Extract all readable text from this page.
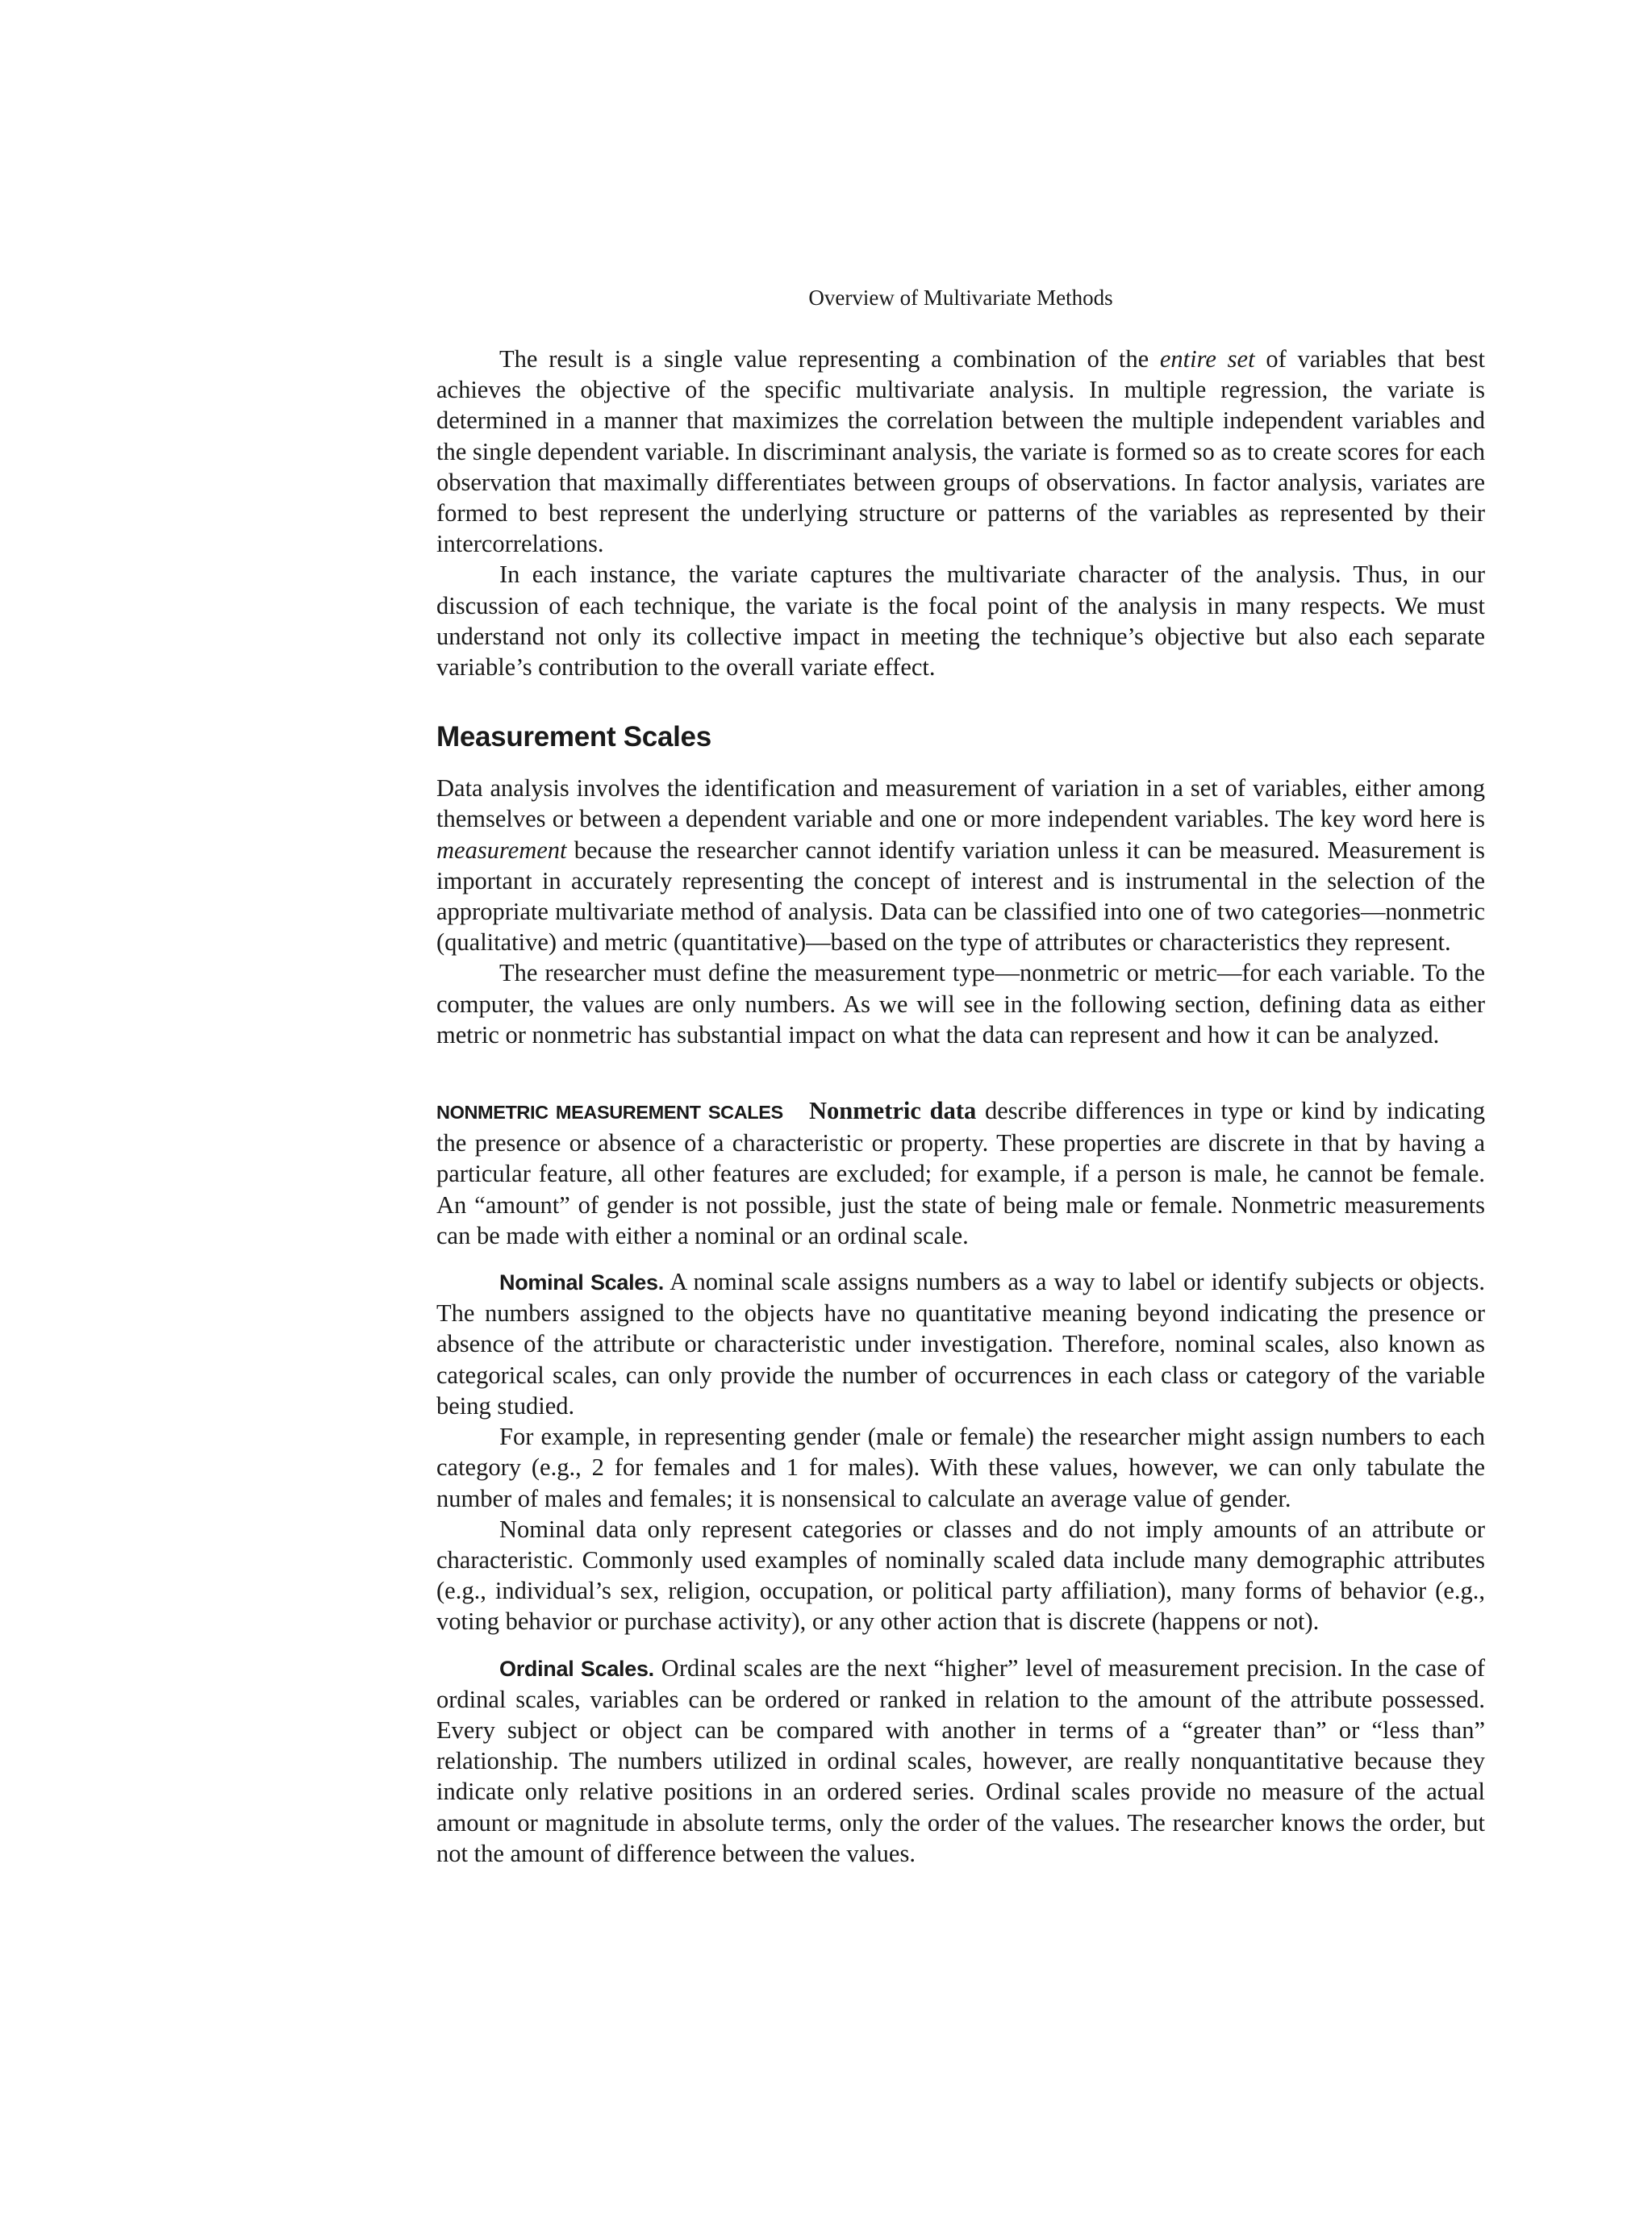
Overview of Multivariate Methods

The result is a single value representing a combination of the entire set of variables that best achieves the objective of the specific multivariate analysis. In multiple regression, the variate is determined in a manner that maximizes the correlation between the multiple independent variables and the single dependent variable. In discriminant analysis, the variate is formed so as to create scores for each observation that maximally differentiates between groups of observations. In factor analysis, variates are formed to best represent the underlying structure or patterns of the variables as represented by their intercorrelations.

In each instance, the variate captures the multivariate character of the analysis. Thus, in our discussion of each technique, the variate is the focal point of the analysis in many respects. We must understand not only its collective impact in meeting the technique’s objective but also each separate variable’s contribution to the overall variate effect.

Measurement Scales

Data analysis involves the identification and measurement of variation in a set of variables, either among themselves or between a dependent variable and one or more independent variables. The key word here is measurement because the researcher cannot identify variation unless it can be measured. Measurement is important in accurately representing the concept of interest and is instrumental in the selection of the appropriate multivariate method of analysis. Data can be classified into one of two categories—nonmetric (qualitative) and metric (quantitative)—based on the type of attributes or characteristics they represent.

The researcher must define the measurement type—nonmetric or metric—for each variable. To the computer, the values are only numbers. As we will see in the following section, defining data as either metric or nonmetric has substantial impact on what the data can represent and how it can be analyzed.

NONMETRIC MEASUREMENT SCALES Nonmetric data describe differences in type or kind by indicating the presence or absence of a characteristic or property. These properties are discrete in that by having a particular feature, all other features are excluded; for example, if a person is male, he cannot be female. An “amount” of gender is not possible, just the state of being male or female. Nonmetric measurements can be made with either a nominal or an ordinal scale.

Nominal Scales. A nominal scale assigns numbers as a way to label or identify subjects or objects. The numbers assigned to the objects have no quantitative meaning beyond indicating the presence or absence of the attribute or characteristic under investigation. Therefore, nominal scales, also known as categorical scales, can only provide the number of occurrences in each class or category of the variable being studied.

For example, in representing gender (male or female) the researcher might assign numbers to each category (e.g., 2 for females and 1 for males). With these values, however, we can only tabulate the number of males and females; it is nonsensical to calculate an average value of gender.

Nominal data only represent categories or classes and do not imply amounts of an attribute or characteristic. Commonly used examples of nominally scaled data include many demographic attributes (e.g., individual’s sex, religion, occupation, or political party affiliation), many forms of behavior (e.g., voting behavior or purchase activity), or any other action that is discrete (happens or not).

Ordinal Scales. Ordinal scales are the next “higher” level of measurement precision. In the case of ordinal scales, variables can be ordered or ranked in relation to the amount of the attribute possessed. Every subject or object can be compared with another in terms of a “greater than” or “less than” relationship. The numbers utilized in ordinal scales, however, are really nonquantitative because they indicate only relative positions in an ordered series. Ordinal scales provide no measure of the actual amount or magnitude in absolute terms, only the order of the values. The researcher knows the order, but not the amount of difference between the values.
